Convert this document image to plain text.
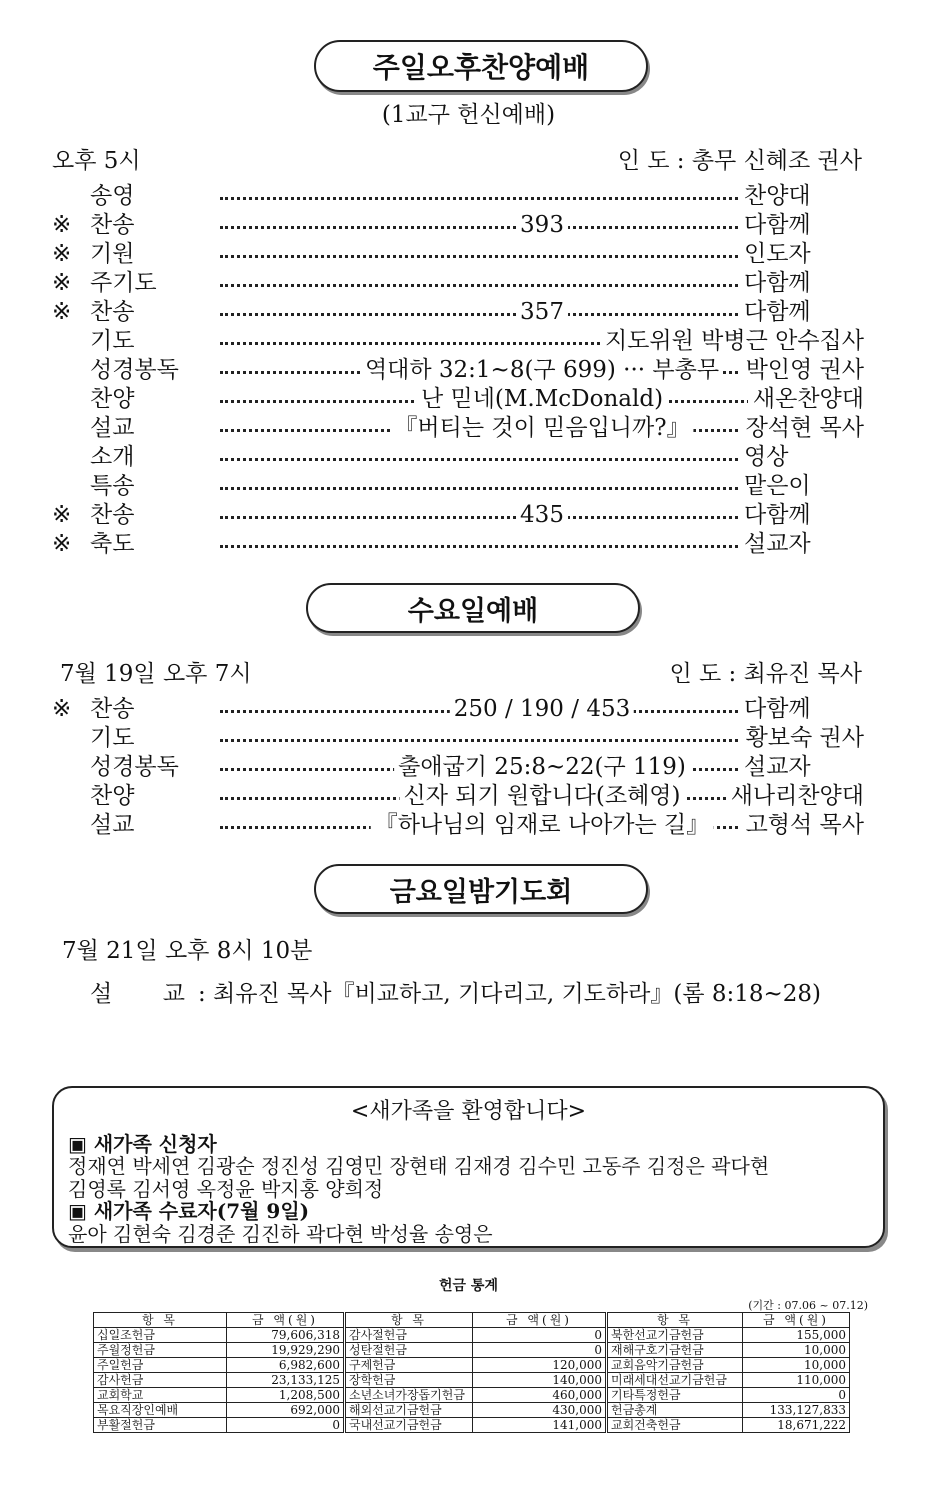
주일오후찬양예배
(1교구 헌신예배)
오후 5시	인 도 : 총무 신혜조 권사
송영	찬양대
※ 찬송	393	다함께
※ 기원	인도자
※ 주기도	다함께
※ 찬송	357	다함께
기도	지도위원 박병근 안수집사
성경봉독	역대하 32:1~8(구 699) ··· 부총무 박인영 권사
찬양	난 믿네(M.McDonald)	새온찬양대
설교	『버티는 것이 믿음입니까?』 장석현 목사
소개	영상
특송	맡은이
※ 찬송	435	다함께
※ 축도	설교자
수요일예배
7월 19일 오후 7시	인 도 : 최유진 목사
※ 찬송	250 / 190 / 453	다함께
기도	황보숙 권사
성경봉독	출애굽기 25:8~22(구 119)	설교자
찬양	신자 되기 원합니다(조혜영) 새나리찬양대
설교	『하나님의 임재로 나아가는 길』 고형석 목사
금요일밤기도회
7월 21일 오후 8시 10분
설 교 : 최유진 목사『비교하고, 기다리고, 기도하라』(롬 8:18~28)
<새가족을 환영합니다>
▣ 새가족 신청자
정재연 박세연 김광순 정진성 김영민 장현태 김재경 김수민 고동주 김정은 곽다현
김영록 김서영 옥정윤 박지홍 양희정
▣ 새가족 수료자(7월 9일)
윤아 김현숙 김경준 김진하 곽다현 박성율 송영은
헌금 통계
(기간 : 07.06 ~ 07.12)
항 목	금 액(원)	항 목	금 액(원)	항 목	금 액(원)
십일조헌금	79,606,318	감사절헌금	0	북한선교기금헌금	155,000
주월정헌금	19,929,290	성탄절헌금	0	재해구호기금헌금	10,000
주일헌금	6,982,600	구제헌금	120,000	교회음악기금헌금	10,000
감사헌금	23,133,125	장학헌금	140,000	미래세대선교기금헌금	110,000
교회학교	1,208,500	소년소녀가장돕기헌금	460,000	기타특정헌금	0
목요직장인예배	692,000	해외선교기금헌금	430,000	헌금총계	133,127,833
부활절헌금	0	국내선교기금헌금	141,000	교회건축헌금	18,671,222
